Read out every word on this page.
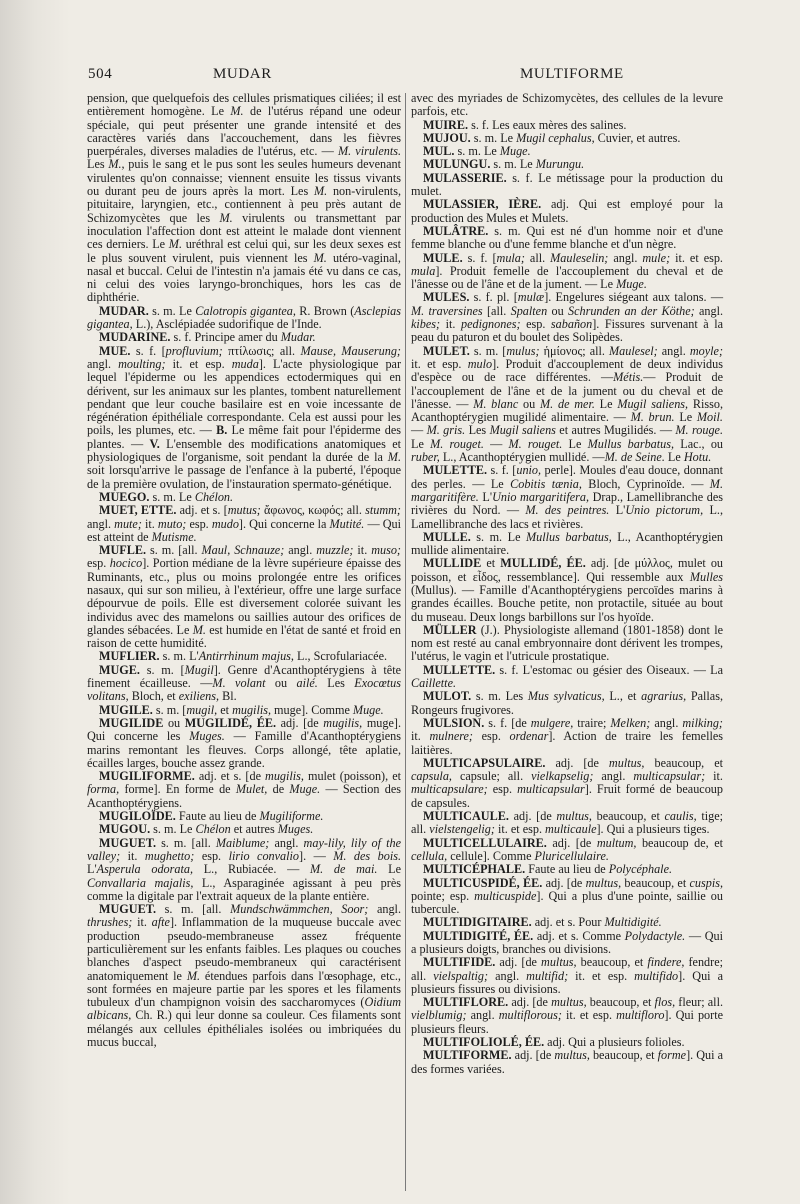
504	MUDAR	MULTIFORME

pension, que quelquefois des cellules prismatiques ciliées; il est entièrement homogène. Le M. de l'utérus répand une odeur spéciale, qui peut présenter une grande intensité et des caractères variés dans l'accouchement, dans les fièvres puerpérales, diverses maladies de l'utérus, etc. — M. virulents. Les M., puis le sang et le pus sont les seules humeurs devenant virulentes qu'on connaisse; viennent ensuite les tissus vivants ou durant peu de jours après la mort. Les M. non-virulents, pituitaire, laryngien, etc., contiennent à peu près autant de Schizomycètes que les M. virulents ou transmettant par inoculation l'affection dont est atteint le malade dont viennent ces derniers. Le M. uréthral est celui qui, sur les deux sexes est le plus souvent virulent, puis viennent les M. utéro-vaginal, nasal et buccal. Celui de l'intestin n'a jamais été vu dans ce cas, ni celui des voies laryngo-bronchiques, hors les cas de diphthérie.

MUDAR. s. m. Le Calotropis gigantea, R. Brown (Asclepias gigantea, L.), Asclépiadée sudorifique de l'Inde.

MUDARINE. s. f. Principe amer du Mudar.

MUE. s. f. [profluvium; πτίλωσις; all. Mause, Mauserung; angl. moulting; it. et esp. muda]. L'acte physiologique par lequel l'épiderme ou les appendices ectodermiques qui en dérivent, sur les animaux sur les plantes, tombent naturellement pendant que leur couche basilaire est en voie incessante de régénération épithéliale correspondante. Cela est aussi pour les poils, les plumes, etc. — B. Le même fait pour l'épiderme des plantes. — V. L'ensemble des modifications anatomiques et physiologiques de l'organisme, soit pendant la durée de la M. soit lorsqu'arrive le passage de l'enfance à la puberté, l'époque de la première ovulation, de l'instauration spermato-génétique.

MUEGO. s. m. Le Chélon.

MUET, ETTE. adj. et s. [mutus; ἄφωνος, κωφός; all. stumm; angl. mute; it. muto; esp. mudo]. Qui concerne la Mutité. — Qui est atteint de Mutisme.

MUFLE. s. m. [all. Maul, Schnauze; angl. muzzle; it. muso; esp. hocico]. Portion médiane de la lèvre supérieure épaisse des Ruminants, etc., plus ou moins prolongée entre les orifices nasaux, qui sur son milieu, à l'extérieur, offre une large surface dépourvue de poils. Elle est diversement colorée suivant les individus avec des mamelons ou saillies autour des orifices de glandes sébacées. Le M. est humide en l'état de santé et froid en raison de cette humidité.

MUFLIER. s. m. L'Antirrhinum majus, L., Scrofulariacée.

MUGE. s. m. [Mugil]. Genre d'Acanthoptérygiens à tête finement écailleuse. —M. volant ou ailé. Les Exocœtus volitans, Bloch, et exiliens, Bl.

MUGILE. s. m. [mugil, et mugilis, muge]. Comme Muge.

MUGILIDE ou MUGILIDÉ, ÉE. adj. [de mugilis, muge]. Qui concerne les Muges. — Famille d'Acanthoptérygiens marins remontant les fleuves. Corps allongé, tête aplatie, écailles larges, bouche assez grande.

MUGILIFORME. adj. et s. [de mugilis, mulet (poisson), et forma, forme]. En forme de Mulet, de Muge. — Section des Acanthoptérygiens.

MUGILOÏDE. Faute au lieu de Mugiliforme.

MUGOU. s. m. Le Chélon et autres Muges.

MUGUET. s. m. [all. Maiblume; angl. may-lily, lily of the valley; it. mughetto; esp. lirio convalio]. — M. des bois. L'Asperula odorata, L., Rubiacée. — M. de mai. Le Convallaria majalis, L., Asparaginée agissant à peu près comme la digitale par l'extrait aqueux de la plante entière.

MUGUET. s. m. [all. Mundschwämmchen, Soor; angl. thrushes; it. afte]. Inflammation de la muqueuse buccale avec production pseudo-membraneuse assez fréquente particulièrement sur les enfants faibles. Les plaques ou couches blanches d'aspect pseudo-membraneux qui caractérisent anatomiquement le M. étendues parfois dans l'œsophage, etc., sont formées en majeure partie par les spores et les filaments tubuleux d'un champignon voisin des saccharomyces (Oidium albicans, Ch. R.) qui leur donne sa couleur. Ces filaments sont mélangés aux cellules épithéliales isolées ou imbriquées du mucus buccal,

avec des myriades de Schizomycètes, des cellules de la levure parfois, etc.

MUIRE. s. f. Les eaux mères des salines.

MUJOU. s. m. Le Mugil cephalus, Cuvier, et autres.

MUL. s. m. Le Muge.

MULUNGU. s. m. Le Murungu.

MULASSERIE. s. f. Le métissage pour la production du mulet.

MULASSIER, IÈRE. adj. Qui est employé pour la production des Mules et Mulets.

MULÂTRE. s. m. Qui est né d'un homme noir et d'une femme blanche ou d'une femme blanche et d'un nègre.

MULE. s. f. [mula; all. Mauleselin; angl. mule; it. et esp. mula]. Produit femelle de l'accouplement du cheval et de l'ânesse ou de l'âne et de la jument. — Le Muge.

MULES. s. f. pl. [mulæ]. Engelures siégeant aux talons. — M. traversines [all. Spalten ou Schrunden an der Köthe; angl. kibes; it. pedignones; esp. sabañon]. Fissures survenant à la peau du paturon et du boulet des Solipèdes.

MULET. s. m. [mulus; ἡμίονος; all. Maulesel; angl. moyle; it. et esp. mulo]. Produit d'accouplement de deux individus d'espèce ou de race différentes. —Métis.— Produit de l'accouplement de l'âne et de la jument ou du cheval et de l'ânesse. — M. blanc ou M. de mer. Le Mugil saliens, Risso, Acanthoptérygien mugilidé alimentaire. — M. brun. Le Moil. — M. gris. Les Mugil saliens et autres Mugilidés. — M. rouge. Le M. rouget. — M. rouget. Le Mullus barbatus, Lac., ou ruber, L., Acanthoptérygien mullidé. —M. de Seine. Le Hotu.

MULETTE. s. f. [unio, perle]. Moules d'eau douce, donnant des perles. — Le Cobitis tænia, Bloch, Cyprinoïde. — M. margaritifère. L'Unio margaritifera, Drap., Lamellibranche des rivières du Nord. — M. des peintres. L'Unio pictorum, L., Lamellibranche des lacs et rivières.

MULLE. s. m. Le Mullus barbatus, L., Acanthoptérygien mullide alimentaire.

MULLIDE et MULLIDÉ, ÉE. adj. [de μύλλος, mulet ou poisson, et εἶδος, ressemblance]. Qui ressemble aux Mulles (Mullus). — Famille d'Acanthoptérygiens percoïdes marins à grandes écailles. Bouche petite, non protactile, située au bout du museau. Deux longs barbillons sur l'os hyoïde.

MÜLLER (J.). Physiologiste allemand (1801-1858) dont le nom est resté au canal embryonnaire dont dérivent les trompes, l'utérus, le vagin et l'utricule prostatique.

MULLETTE. s. f. L'estomac ou gésier des Oiseaux. — La Caillette.

MULOT. s. m. Les Mus sylvaticus, L., et agrarius, Pallas, Rongeurs frugivores.

MULSION. s. f. [de mulgere, traire; Melken; angl. milking; it. mulnere; esp. ordenar]. Action de traire les femelles laitières.

MULTICAPSULAIRE. adj. [de multus, beaucoup, et capsula, capsule; all. vielkapselig; angl. multicapsular; it. multicapsulare; esp. multicapsular]. Fruit formé de beaucoup de capsules.

MULTICAULE. adj. [de multus, beaucoup, et caulis, tige; all. vielstengelig; it. et esp. multicaule]. Qui a plusieurs tiges.

MULTICELLULAIRE. adj. [de multum, beaucoup de, et cellula, cellule]. Comme Pluricellulaire.

MULTICÉPHALE. Faute au lieu de Polycéphale.

MULTICUSPIDÉ, ÉE. adj. [de multus, beaucoup, et cuspis, pointe; esp. multicuspide]. Qui a plus d'une pointe, saillie ou tubercule.

MULTIDIGITAIRE. adj. et s. Pour Multidigité.

MULTIDIGITÉ, ÉE. adj. et s. Comme Polydactyle. — Qui a plusieurs doigts, branches ou divisions.

MULTIFIDE. adj. [de multus, beaucoup, et findere, fendre; all. vielspaltig; angl. multifid; it. et esp. multifido]. Qui a plusieurs fissures ou divisions.

MULTIFLORE. adj. [de multus, beaucoup, et flos, fleur; all. vielblumig; angl. multiflorous; it. et esp. multifloro]. Qui porte plusieurs fleurs.

MULTIFOLIOLÉ, ÉE. adj. Qui a plusieurs folioles.

MULTIFORME. adj. [de multus, beaucoup, et forme]. Qui a des formes variées.
